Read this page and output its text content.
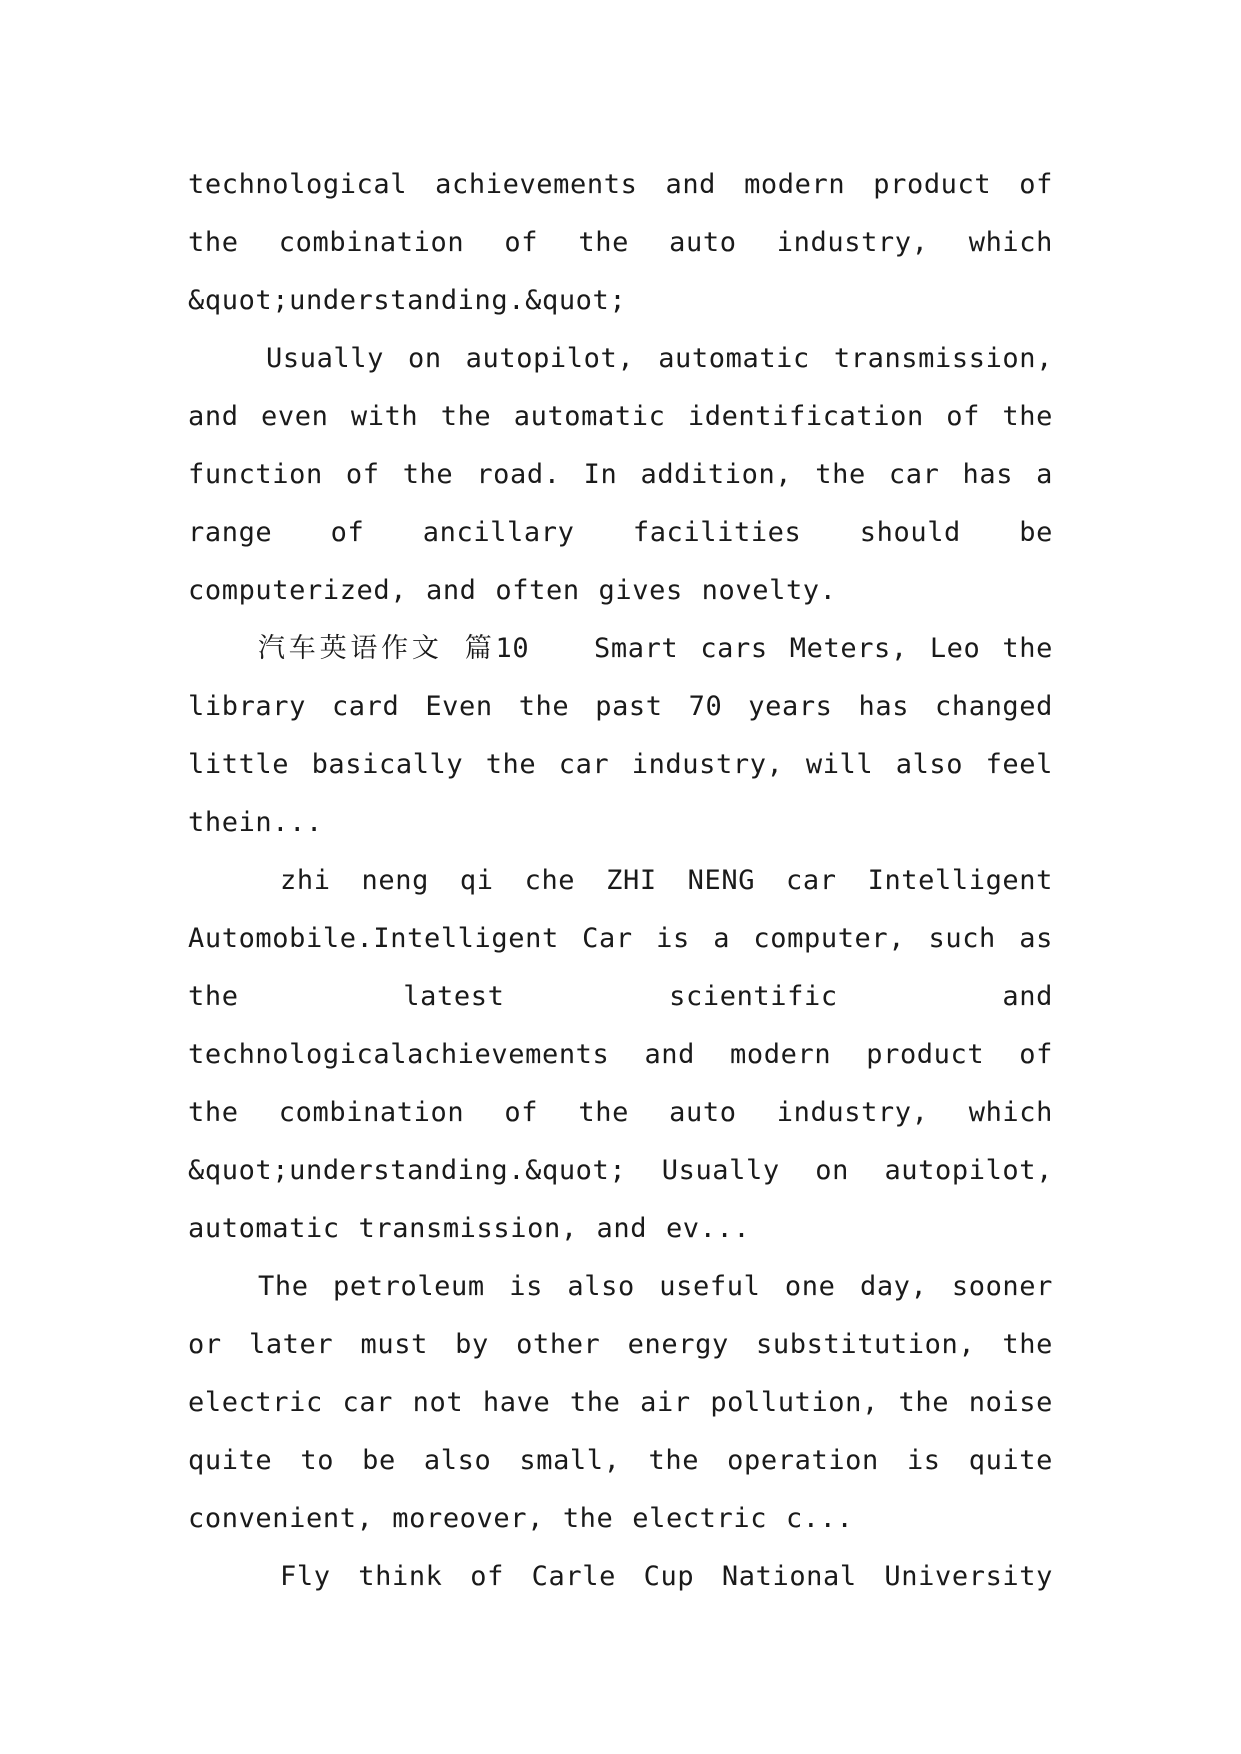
technological achievements and modern product of the combination of the auto industry, which &quot;understanding.&quot;

Usually on autopilot, automatic transmission, and even with the automatic identification of the function of the road. In addition, the car has a range of ancillary facilities should be computerized, and often gives novelty.

汽车英语作文 篇10　　Smart cars Meters, Leo the library card Even the past 70 years has changed little basically the car industry, will also feel thein...

zhi neng qi che ZHI NENG car Intelligent Automobile.Intelligent Car is a computer, such as the latest scientific and technologicalachievements and modern product of the combination of the auto industry, which &quot;understanding.&quot; Usually on autopilot, automatic transmission, and ev...

The petroleum is also useful one day, sooner or later must by other energy substitution, the electric car not have the air pollution, the noise quite to be also small, the operation is quite convenient, moreover, the electric c...

Fly think of Carle Cup National University
